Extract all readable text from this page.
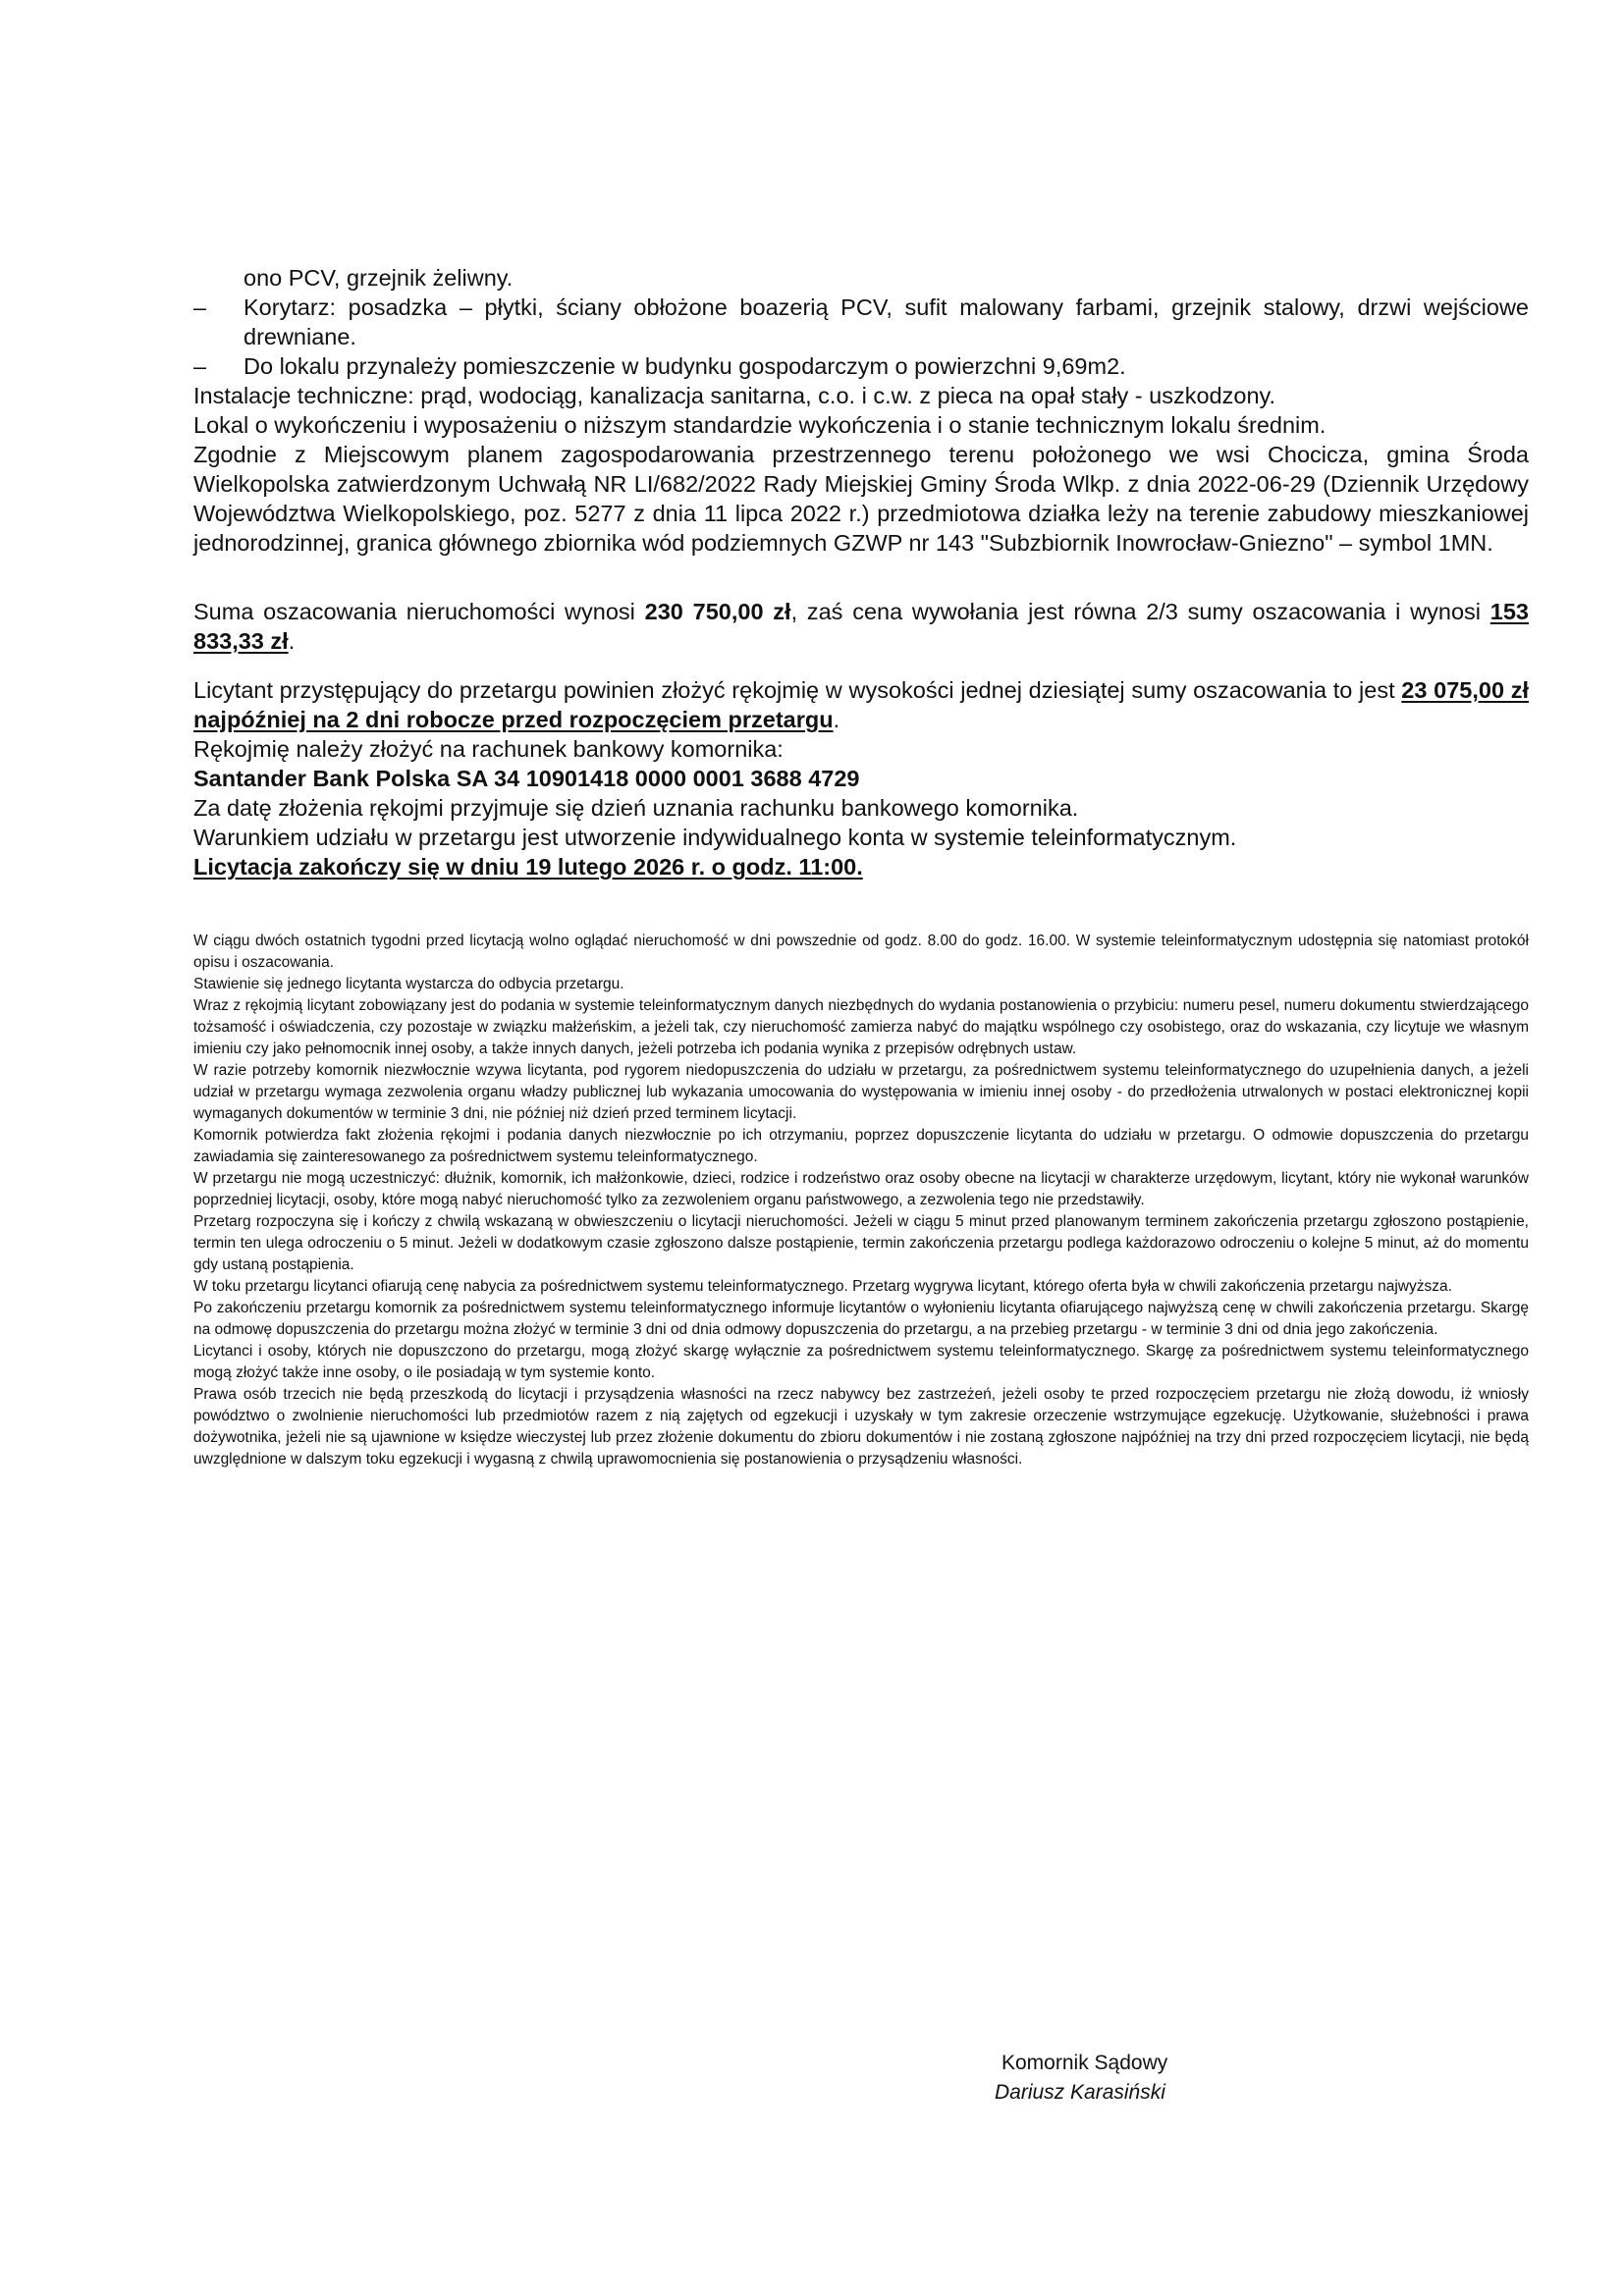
ono PCV, grzejnik żeliwny.

– Korytarz: posadzka – płytki, ściany obłożone boazerią PCV, sufit malowany farbami, grzejnik stalowy, drzwi wejściowe drewniane.

– Do lokalu przynależy pomieszczenie w budynku gospodarczym o powierzchni 9,69m2.

Instalacje techniczne: prąd, wodociąg, kanalizacja sanitarna, c.o. i c.w. z pieca na opał stały - uszkodzony.

Lokal o wykończeniu i wyposażeniu o niższym standardzie wykończenia i o stanie technicznym lokalu średnim.

Zgodnie z Miejscowym planem zagospodarowania przestrzennego terenu położonego we wsi Chocicza, gmina Środa Wielkopolska zatwierdzonym Uchwałą NR LI/682/2022 Rady Miejskiej Gminy Środa Wlkp. z dnia 2022-06-29 (Dziennik Urzędowy Województwa Wielkopolskiego, poz. 5277 z dnia 11 lipca 2022 r.) przedmiotowa działka leży na terenie zabudowy mieszkaniowej jednorodzinnej, granica głównego zbiornika wód podziemnych GZWP nr 143 "Subzbiornik Inowrocław-Gniezno" – symbol 1MN.

Suma oszacowania nieruchomości wynosi 230 750,00 zł, zaś cena wywołania jest równa 2/3 sumy oszacowania i wynosi 153 833,33 zł.

Licytant przystępujący do przetargu powinien złożyć rękojmię w wysokości jednej dziesiątej sumy oszacowania to jest 23 075,00 zł najpóźniej na 2 dni robocze przed rozpoczęciem przetargu.

Rękojmię należy złożyć na rachunek bankowy komornika:

Santander Bank Polska SA 34 10901418 0000 0001 3688 4729

Za datę złożenia rękojmi przyjmuje się dzień uznania rachunku bankowego komornika.

Warunkiem udziału w przetargu jest utworzenie indywidualnego konta w systemie teleinformatycznym.

Licytacja zakończy się w dniu 19 lutego 2026 r. o godz. 11:00.

W ciągu dwóch ostatnich tygodni przed licytacją wolno oglądać nieruchomość w dni powszednie od godz. 8.00 do godz. 16.00. W systemie teleinformatycznym udostępnia się natomiast protokół opisu i oszacowania.

Stawienie się jednego licytanta wystarcza do odbycia przetargu.

Wraz z rękojmią licytant zobowiązany jest do podania w systemie teleinformatycznym danych niezbędnych do wydania postanowienia o przybiciu: numeru pesel, numeru dokumentu stwierdzającego tożsamość i oświadczenia, czy pozostaje w związku małżeńskim, a jeżeli tak, czy nieruchomość zamierza nabyć do majątku wspólnego czy osobistego, oraz do wskazania, czy licytuje we własnym imieniu czy jako pełnomocnik innej osoby, a także innych danych, jeżeli potrzeba ich podania wynika z przepisów odrębnych ustaw.

W razie potrzeby komornik niezwłocznie wzywa licytanta, pod rygorem niedopuszczenia do udziału w przetargu, za pośrednictwem systemu teleinformatycznego do uzupełnienia danych, a jeżeli udział w przetargu wymaga zezwolenia organu władzy publicznej lub wykazania umocowania do występowania w imieniu innej osoby - do przedłożenia utrwalonych w postaci elektronicznej kopii wymaganych dokumentów w terminie 3 dni, nie później niż dzień przed terminem licytacji.

Komornik potwierdza fakt złożenia rękojmi i podania danych niezwłocznie po ich otrzymaniu, poprzez dopuszczenie licytanta do udziału w przetargu. O odmowie dopuszczenia do przetargu zawiadamia się zainteresowanego za pośrednictwem systemu teleinformatycznego.

W przetargu nie mogą uczestniczyć: dłużnik, komornik, ich małżonkowie, dzieci, rodzice i rodzeństwo oraz osoby obecne na licytacji w charakterze urzędowym, licytant, który nie wykonał warunków poprzedniej licytacji, osoby, które mogą nabyć nieruchomość tylko za zezwoleniem organu państwowego, a zezwolenia tego nie przedstawiły.

Przetarg rozpoczyna się i kończy z chwilą wskazaną w obwieszczeniu o licytacji nieruchomości. Jeżeli w ciągu 5 minut przed planowanym terminem zakończenia przetargu zgłoszono postąpienie, termin ten ulega odroczeniu o 5 minut. Jeżeli w dodatkowym czasie zgłoszono dalsze postąpienie, termin zakończenia przetargu podlega każdorazowo odroczeniu o kolejne 5 minut, aż do momentu gdy ustaną postąpienia.

W toku przetargu licytanci ofiarują cenę nabycia za pośrednictwem systemu teleinformatycznego. Przetarg wygrywa licytant, którego oferta była w chwili zakończenia przetargu najwyższa.

Po zakończeniu przetargu komornik za pośrednictwem systemu teleinformatycznego informuje licytantów o wyłonieniu licytanta ofiarującego najwyższą cenę w chwili zakończenia przetargu. Skargę na odmowę dopuszczenia do przetargu można złożyć w terminie 3 dni od dnia odmowy dopuszczenia do przetargu, a na przebieg przetargu - w terminie 3 dni od dnia jego zakończenia.

Licytanci i osoby, których nie dopuszczono do przetargu, mogą złożyć skargę wyłącznie za pośrednictwem systemu teleinformatycznego. Skargę za pośrednictwem systemu teleinformatycznego mogą złożyć także inne osoby, o ile posiadają w tym systemie konto.

Prawa osób trzecich nie będą przeszkodą do licytacji i przysądzenia własności na rzecz nabywcy bez zastrzeżeń, jeżeli osoby te przed rozpoczęciem przetargu nie złożą dowodu, iż wniosły powództwo o zwolnienie nieruchomości lub przedmiotów razem z nią zajętych od egzekucji i uzyskały w tym zakresie orzeczenie wstrzymujące egzekucję. Użytkowanie, służebności i prawa dożywotnika, jeżeli nie są ujawnione w księdze wieczystej lub przez złożenie dokumentu do zbioru dokumentów i nie zostaną zgłoszone najpóźniej na trzy dni przed rozpoczęciem licytacji, nie będą uwzględnione w dalszym toku egzekucji i wygasną z chwilą uprawomocnienia się postanowienia o przysądzeniu własności.

Komornik Sądowy
Dariusz Karasiński
